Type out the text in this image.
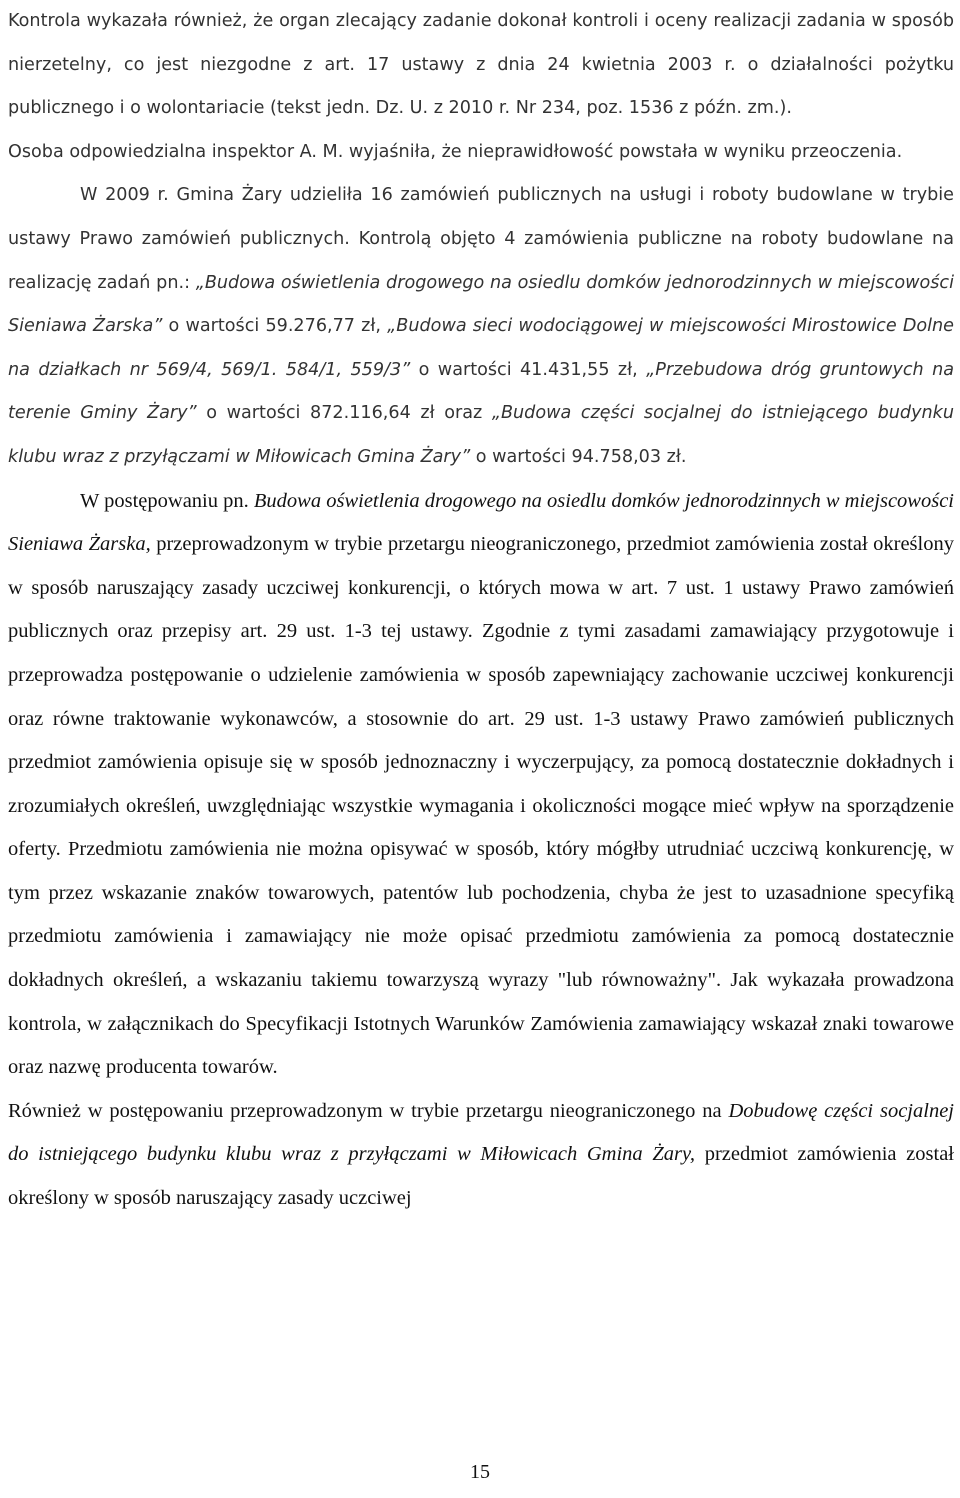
Kontrola wykazała również, że organ zlecający zadanie dokonał kontroli i oceny realizacji zadania w sposób nierzetelny, co jest niezgodne z art. 17 ustawy z dnia 24 kwietnia 2003 r. o działalności pożytku publicznego i o wolontariacie (tekst jedn. Dz. U. z 2010 r. Nr 234, poz. 1536 z późn. zm.).

Osoba odpowiedzialna inspektor A. M. wyjaśniła, że nieprawidłowość powstała w wyniku przeoczenia.

W 2009 r. Gmina Żary udzieliła 16 zamówień publicznych na usługi i roboty budowlane w trybie ustawy Prawo zamówień publicznych. Kontrolą objęto 4 zamówienia publiczne na roboty budowlane na realizację zadań pn.: „Budowa oświetlenia drogowego na osiedlu domków jednorodzinnych w miejscowości Sieniawa Żarska” o wartości 59.276,77 zł, „Budowa sieci wodociągowej w miejscowości Mirostowice Dolne na działkach nr 569/4, 569/1. 584/1, 559/3” o wartości 41.431,55 zł, „Przebudowa dróg gruntowych na terenie Gminy Żary” o wartości 872.116,64 zł oraz „Budowa części socjalnej do istniejącego budynku klubu wraz z przyłączami w Miłowicach Gmina Żary” o wartości 94.758,03 zł.

W postępowaniu pn. Budowa oświetlenia drogowego na osiedlu domków jednorodzinnych w miejscowości Sieniawa Żarska, przeprowadzonym w trybie przetargu nieograniczonego, przedmiot zamówienia został określony w sposób naruszający zasady uczciwej konkurencji, o których mowa w art. 7 ust. 1 ustawy Prawo zamówień publicznych oraz przepisy art. 29 ust. 1-3 tej ustawy. Zgodnie z tymi zasadami zamawiający przygotowuje i przeprowadza postępowanie o udzielenie zamówienia w sposób zapewniający zachowanie uczciwej konkurencji oraz równe traktowanie wykonawców, a stosownie do art. 29 ust. 1-3 ustawy Prawo zamówień publicznych przedmiot zamówienia opisuje się w sposób jednoznaczny i wyczerpujący, za pomocą dostatecznie dokładnych i zrozumiałych określeń, uwzględniając wszystkie wymagania i okoliczności mogące mieć wpływ na sporządzenie oferty. Przedmiotu zamówienia nie można opisywać w sposób, który mógłby utrudniać uczciwą konkurencję, w tym przez wskazanie znaków towarowych, patentów lub pochodzenia, chyba że jest to uzasadnione specyfiką przedmiotu zamówienia i zamawiający nie może opisać przedmiotu zamówienia za pomocą dostatecznie dokładnych określeń, a wskazaniu takiemu towarzyszą wyrazy "lub równoważny". Jak wykazała prowadzona kontrola, w załącznikach do Specyfikacji Istotnych Warunków Zamówienia zamawiający wskazał znaki towarowe oraz nazwę producenta towarów.

Również w postępowaniu przeprowadzonym w trybie przetargu nieograniczonego na Dobudowę części socjalnej do istniejącego budynku klubu wraz z przyłączami w Miłowicach Gmina Żary, przedmiot zamówienia został określony w sposób naruszający zasady uczciwej

15
